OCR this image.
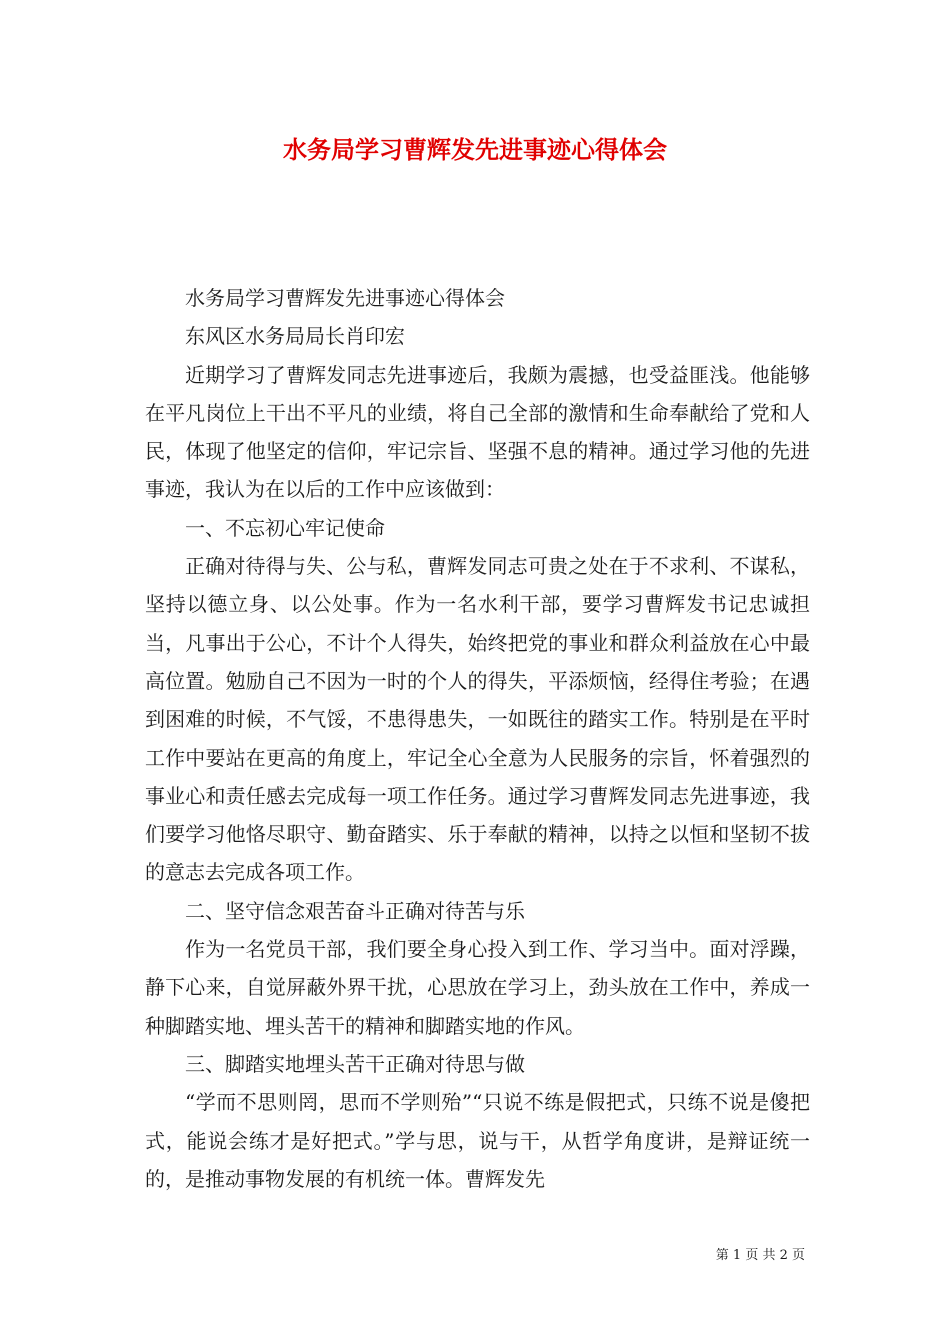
水务局学习曹辉发先进事迹心得体会

水务局学习曹辉发先进事迹心得体会

东风区水务局局长肖印宏

近期学习了曹辉发同志先进事迹后，我颇为震撼，也受益匪浅。他能够在平凡岗位上干出不平凡的业绩，将自己全部的激情和生命奉献给了党和人民，体现了他坚定的信仰，牢记宗旨、坚强不息的精神。通过学习他的先进事迹，我认为在以后的工作中应该做到：

一、不忘初心牢记使命

正确对待得与失、公与私，曹辉发同志可贵之处在于不求利、不谋私，坚持以德立身、以公处事。作为一名水利干部，要学习曹辉发书记忠诚担当，凡事出于公心，不计个人得失，始终把党的事业和群众利益放在心中最高位置。勉励自己不因为一时的个人的得失，平添烦恼，经得住考验；在遇到困难的时候，不气馁，不患得患失，一如既往的踏实工作。特别是在平时工作中要站在更高的角度上，牢记全心全意为人民服务的宗旨，怀着强烈的事业心和责任感去完成每一项工作任务。通过学习曹辉发同志先进事迹，我们要学习他恪尽职守、勤奋踏实、乐于奉献的精神，以持之以恒和坚韧不拔的意志去完成各项工作。

二、坚守信念艰苦奋斗正确对待苦与乐

作为一名党员干部，我们要全身心投入到工作、学习当中。面对浮躁，静下心来，自觉屏蔽外界干扰，心思放在学习上，劲头放在工作中，养成一种脚踏实地、埋头苦干的精神和脚踏实地的作风。

三、脚踏实地埋头苦干正确对待思与做

“学而不思则罔，思而不学则殆”“只说不练是假把式，只练不说是傻把式，能说会练才是好把式。”学与思，说与干，从哲学角度讲，是辩证统一的，是推动事物发展的有机统一体。曹辉发先

第 1 页 共 2 页
